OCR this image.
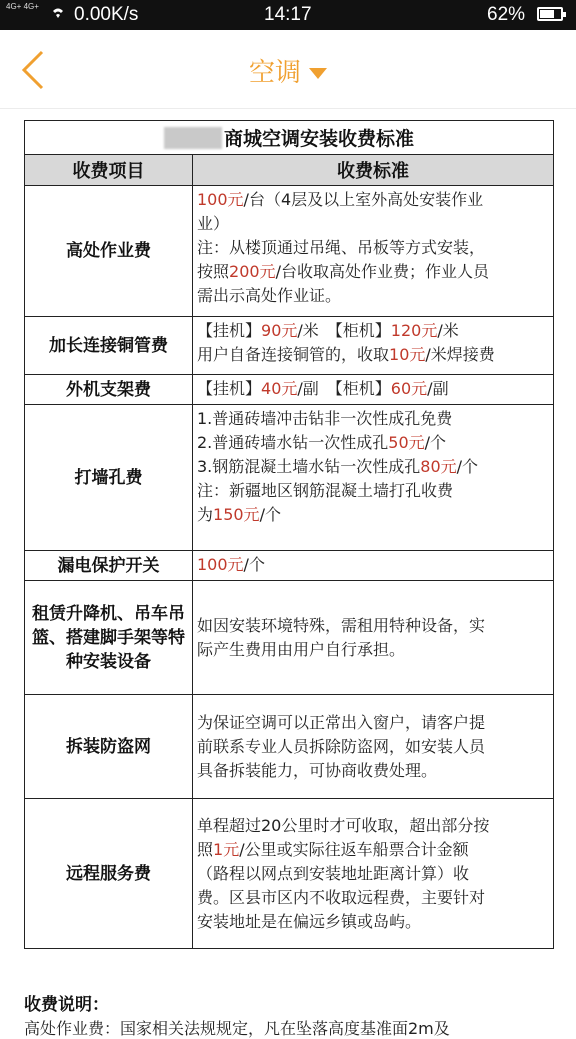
4G+ 4G+ 0.00K/s	14:17	62%
空调
商城空调安装收费标准	
收费项目	收费标准
高处作业费	100元/台（4层及以上室外高处安装作业
业）
注：从楼顶通过吊绳、吊板等方式安装，
按照200元/台收取高处作业费；作业人员
需出示高处作业证。

加长连接铜管费	【挂机】90元/米　【柜机】120元/米
用户自备连接铜管的，收取10元/米焊接费

外机支架费	【挂机】40元/副　【柜机】60元/副

打墙孔费	1.普通砖墙冲击钻非一次性成孔免费
2.普通砖墙水钻一次性成孔50元/个
3.钢筋混凝土墙水钻一次性成孔80元/个
注：新疆地区钢筋混凝土墙打孔收费
为150元/个

漏电保护开关	100元/个

租赁升降机、吊车吊篮、搭建脚手架等特种安装设备	如因安装环境特殊，需租用特种设备，实
际产生费用由用户自行承担。

拆装防盗网	为保证空调可以正常出入窗户，请客户提
前联系专业人员拆除防盗网，如安装人员
具备拆装能力，可协商收费处理。

远程服务费	单程超过20公里时才可收取，超出部分按
照1元/公里或实际往返车船票合计金额
（路程以网点到安装地址距离计算）收
费。区县市区内不收取远程费，主要针对
安装地址是在偏远乡镇或岛屿。
收费说明：
高处作业费：国家相关法规规定，凡在坠落高度基准面2m及
